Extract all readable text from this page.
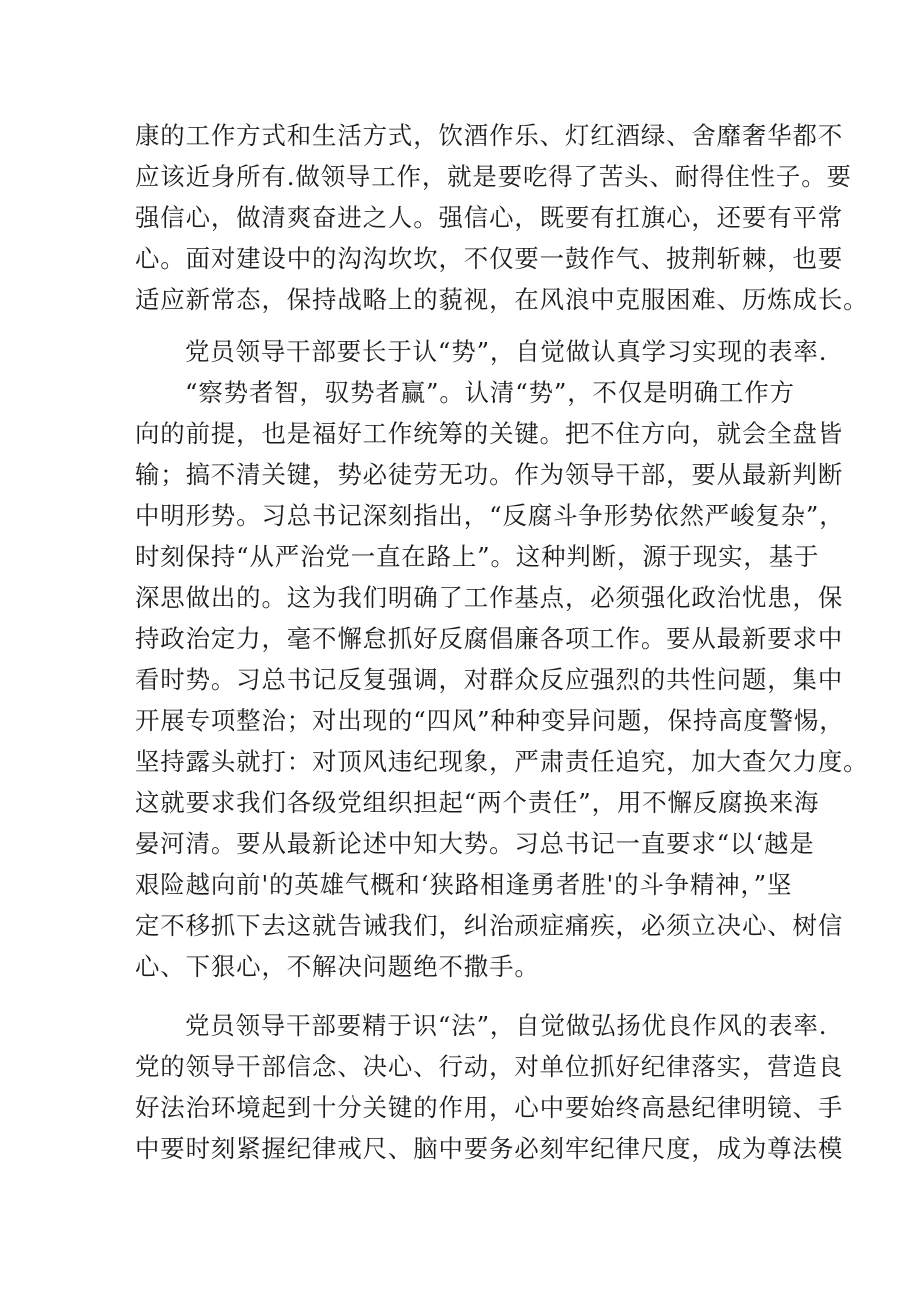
康的工作方式和生活方式，饮酒作乐、灯红酒绿、舍靡奢华都不
应该近身所有.做领导工作，就是要吃得了苦头、耐得住性子。要
强信心，做清爽奋进之人。强信心，既要有扛旗心，还要有平常
心。面对建设中的沟沟坎坎，不仅要一鼓作气、披荆斩棘，也要
适应新常态，保持战略上的藐视，在风浪中克服困难、历炼成长。
党员领导干部要长于认“势”，自觉做认真学习实现的表率.
“察势者智，驭势者赢”。认清“势”，不仅是明确工作方
向的前提，也是福好工作统筹的关键。把不住方向，就会全盘皆
输；搞不清关键，势必徒劳无功。作为领导干部，要从最新判断
中明形势。习总书记深刻指出，“反腐斗争形势依然严峻复杂”，
时刻保持“从严治党一直在路上”。这种判断，源于现实，基于
深思做出的。这为我们明确了工作基点，必须强化政治忧患，保
持政治定力，毫不懈怠抓好反腐倡廉各项工作。要从最新要求中
看时势。习总书记反复强调，对群众反应强烈的共性问题，集中
开展专项整治；对出现的“四风”种种变异问题，保持高度警惕，
坚持露头就打：对顶风违纪现象，严肃责任追究，加大查欠力度。
这就要求我们各级党组织担起“两个责任”，用不懈反腐换来海
晏河清。要从最新论述中知大势。习总书记一直要求“以‘越是
艰险越向前'的英雄气概和‘狭路相逢勇者胜'的斗争精神，”坚
定不移抓下去这就告诫我们，纠治顽症痛疾，必须立决心、树信
心、下狠心，不解决问题绝不撒手。
党员领导干部要精于识“法”，自觉做弘扬优良作风的表率.
党的领导干部信念、决心、行动，对单位抓好纪律落实，营造良
好法治环境起到十分关键的作用，心中要始终高悬纪律明镜、手
中要时刻紧握纪律戒尺、脑中要务必刻牢纪律尺度，成为尊法模
